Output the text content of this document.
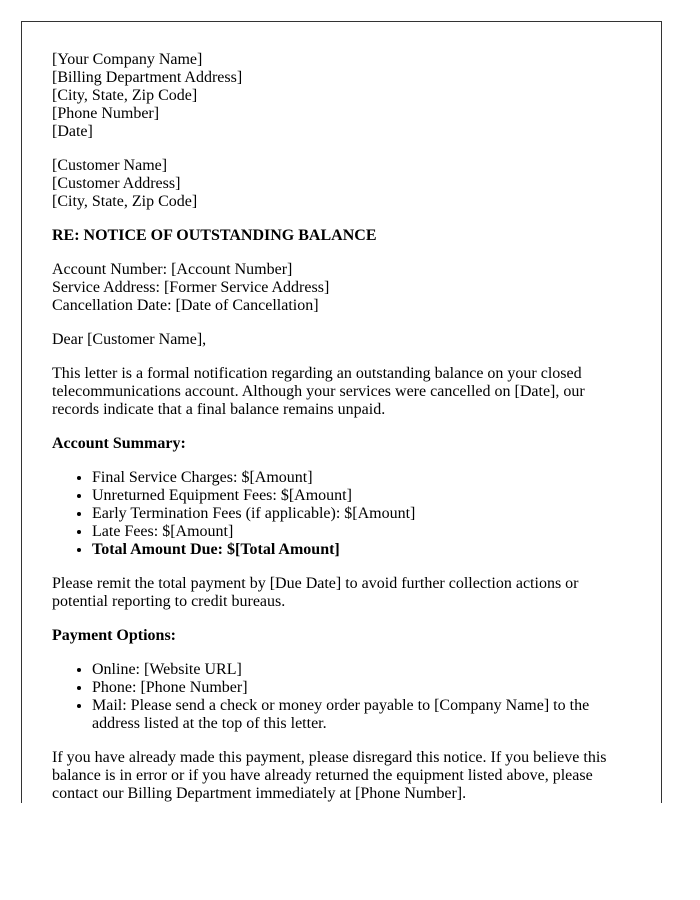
[Your Company Name]
[Billing Department Address]
[City, State, Zip Code]
[Phone Number]
[Date]
[Customer Name]
[Customer Address]
[City, State, Zip Code]
RE: NOTICE OF OUTSTANDING BALANCE
Account Number: [Account Number]
Service Address: [Former Service Address]
Cancellation Date: [Date of Cancellation]
Dear [Customer Name],
This letter is a formal notification regarding an outstanding balance on your closed telecommunications account. Although your services were cancelled on [Date], our records indicate that a final balance remains unpaid.
Account Summary:
• Final Service Charges: $[Amount]
• Unreturned Equipment Fees: $[Amount]
• Early Termination Fees (if applicable): $[Amount]
• Late Fees: $[Amount]
• Total Amount Due: $[Total Amount]
Please remit the total payment by [Due Date] to avoid further collection actions or potential reporting to credit bureaus.
Payment Options:
• Online: [Website URL]
• Phone: [Phone Number]
• Mail: Please send a check or money order payable to [Company Name] to the address listed at the top of this letter.
If you have already made this payment, please disregard this notice. If you believe this balance is in error or if you have already returned the equipment listed above, please contact our Billing Department immediately at [Phone Number].
